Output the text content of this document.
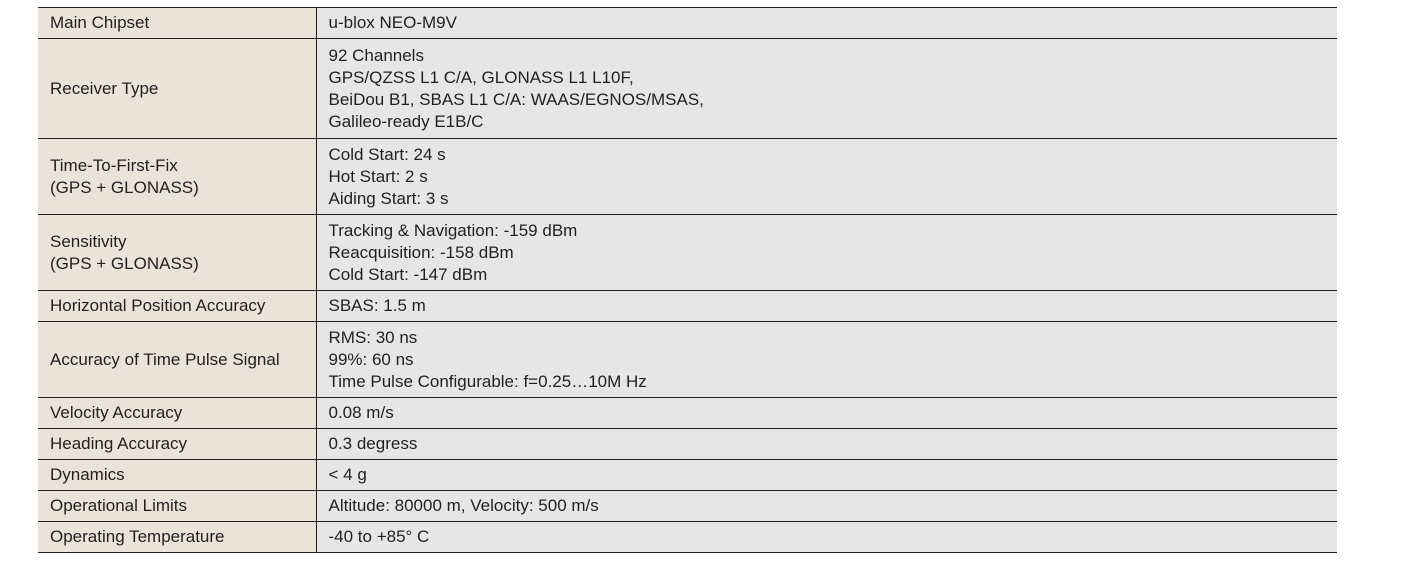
Main Chipset	u-blox NEO-M9V

Receiver Type	92 Channels
GPS/QZSS L1 C/A, GLONASS L1 L10F,
BeiDou B1, SBAS L1 C/A: WAAS/EGNOS/MSAS,
Galileo-ready E1B/C

Time-To-First-Fix
(GPS + GLONASS)	Cold Start: 24 s
Hot Start: 2 s
Aiding Start: 3 s

Sensitivity
(GPS + GLONASS)	Tracking & Navigation: -159 dBm
Reacquisition: -158 dBm
Cold Start: -147 dBm

Horizontal Position Accuracy	SBAS: 1.5 m

Accuracy of Time Pulse Signal	RMS: 30 ns
99%: 60 ns
Time Pulse Configurable: f=0.25…10M Hz

Velocity Accuracy	0.08 m/s

Heading Accuracy	0.3 degress

Dynamics	< 4 g

Operational Limits	Altitude: 80000 m, Velocity: 500 m/s

Operating Temperature	-40 to +85° C
